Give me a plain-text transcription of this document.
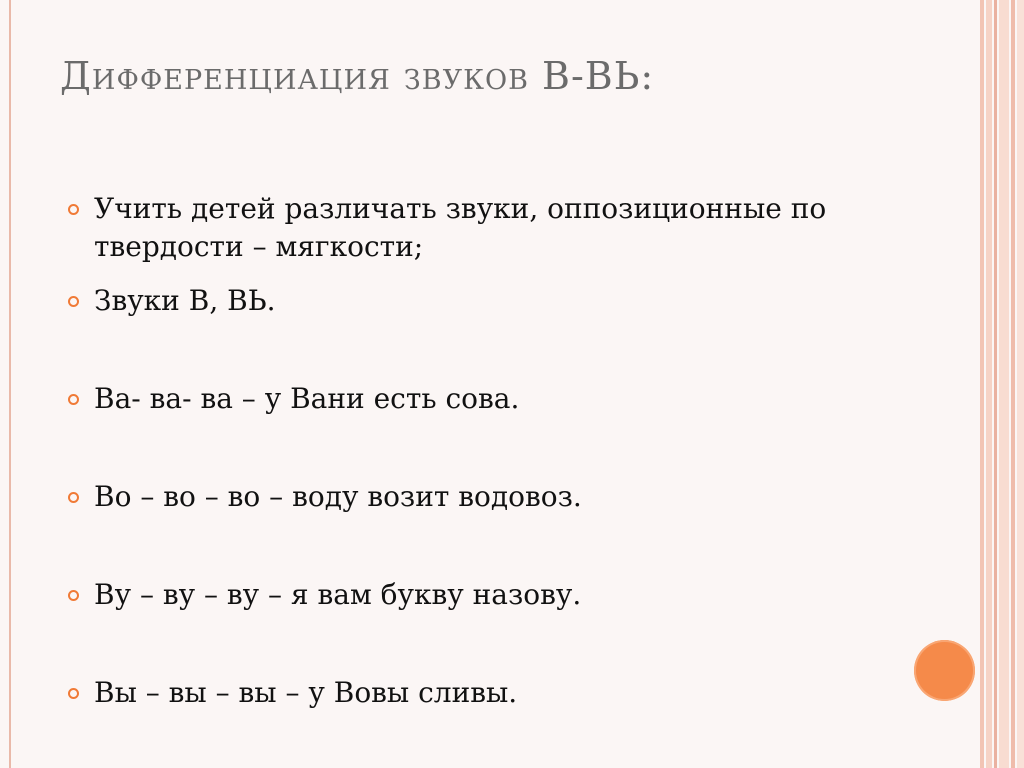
Дифференциация звуков В-ВЬ:
Учить детей различать звуки, оппозиционные по твердости – мягкости;
Звуки В, ВЬ.
Ва- ва- ва – у Вани есть сова.
Во – во – во – воду возит водовоз.
Ву – ву – ву – я вам букву назову.
Вы – вы – вы – у Вовы сливы.
